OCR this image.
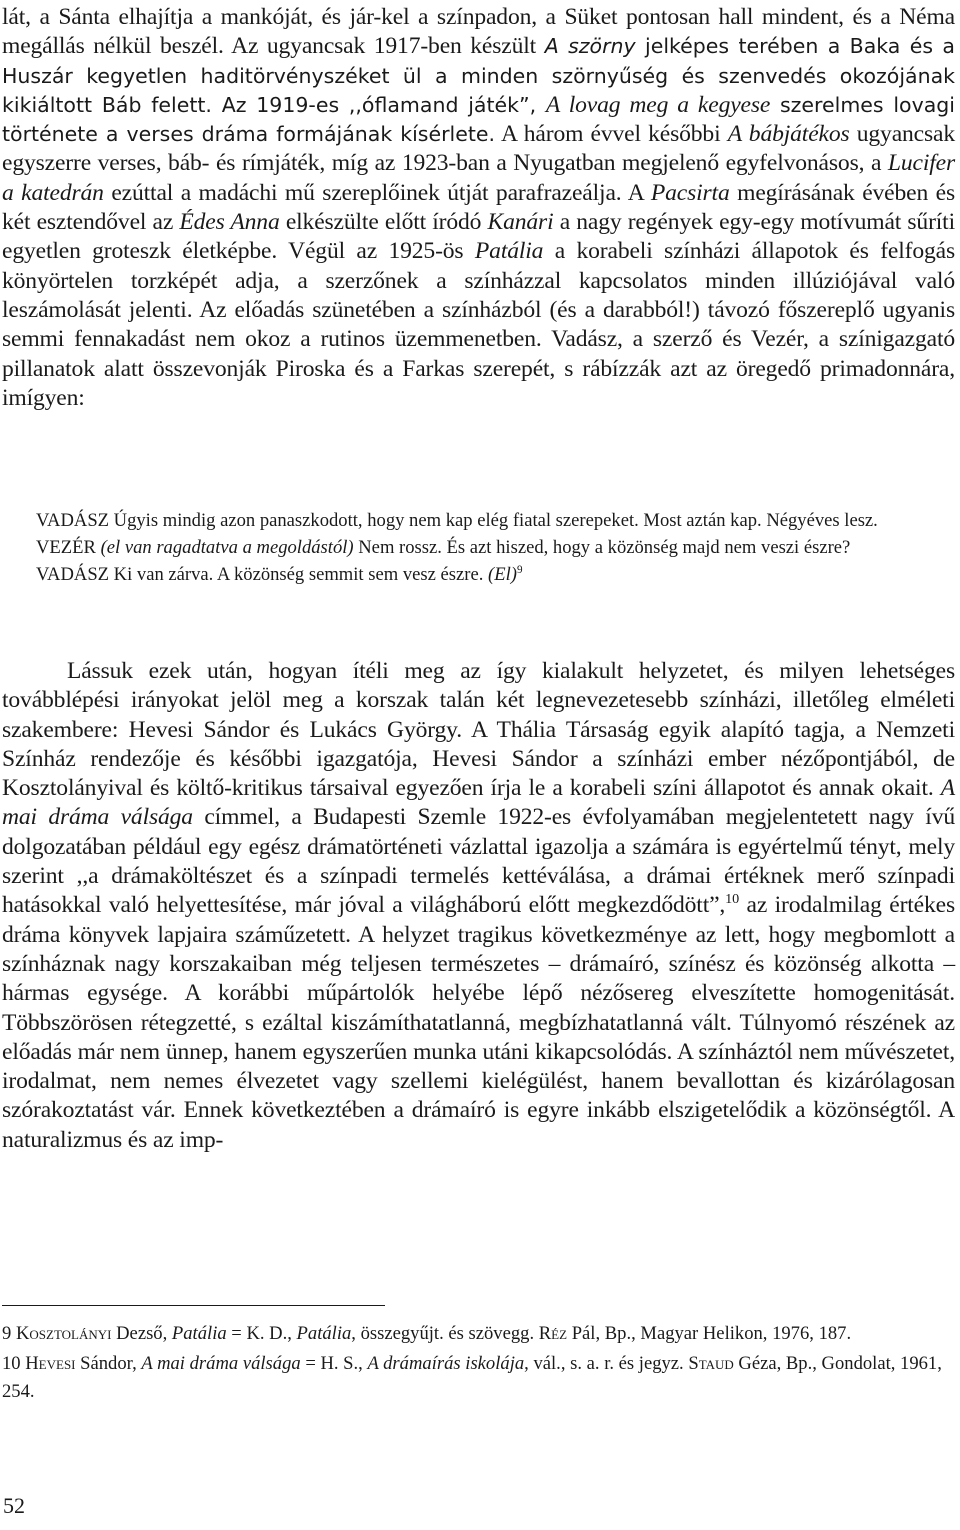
lát, a Sánta elhajítja a mankóját, és jár-kel a színpadon, a Süket pontosan hall mindent, és a Néma megállás nélkül beszél. Az ugyancsak 1917-ben készült A szörny jelképes terében a Baka és a Huszár kegyetlen haditörvényszéket ül a minden szörnyűség és szenvedés okozójának kikiáltott Báb felett. Az 1919-es ,,óflamand játék”, A lovag meg a kegyese szerelmes lovagi története a verses dráma formájának kísérlete. A három évvel későbbi A bábjátékos ugyancsak egyszerre verses, báb- és rímjáték, míg az 1923-ban a Nyugatban megjelenő egyfelvonásos, a Lucifer a katedrán ezúttal a madáchi mű szereplőinek útját parafrazeálja. A Pacsirta megírásának évében és két esztendővel az Édes Anna elkészülte előtt íródó Kanári a nagy regények egy-egy motívumát sűríti egyetlen groteszk életképbe. Végül az 1925-ös Patália a korabeli színházi állapotok és felfogás könyörtelen torzképét adja, a szerzőnek a színházzal kapcsolatos minden illúziójával való leszámolását jelenti. Az előadás szünetében a színházból (és a darabból!) távozó főszereplő ugyanis semmi fennakadást nem okoz a rutinos üzemmenetben. Vadász, a szerző és Vezér, a színigazgató pillanatok alatt összevonják Piroska és a Farkas szerepét, s rábízzák azt az öregedő primadonnára, imígyen:

VADÁSZ Úgyis mindig azon panaszkodott, hogy nem kap elég fiatal szerepeket. Most aztán kap. Négyéves lesz.
VEZÉR (el van ragadtatva a megoldástól) Nem rossz. És azt hiszed, hogy a közönség majd nem veszi észre?
VADÁSZ Ki van zárva. A közönség semmit sem vesz észre. $(El)^9$

Lássuk ezek után, hogyan ítéli meg az így kialakult helyzetet, és milyen lehetséges továbblépési irányokat jelöl meg a korszak talán két legnevezetesebb színházi, illetőleg elméleti szakembere: Hevesi Sándor és Lukács György. A Thália Társaság egyik alapító tagja, a Nemzeti Színház rendezője és későbbi igazgatója, Hevesi Sándor a színházi ember nézőpontjából, de Kosztolányival és költő-kritikus társaival egyezően írja le a korabeli színi állapotot és annak okait. A mai dráma válsága címmel, a Budapesti Szemle 1922-es évfolyamában megjelentetett nagy ívű dolgozatában például egy egész drámatörténeti vázlattal igazolja a számára is egyértelmű tényt, mely szerint ,,a drámaköltészet és a színpadi termelés kettéválása, a drámai értéknek merő színpadi hatásokkal való helyettesítése, már jóval a világháború előtt megkezdődött”,$^{10}$ az irodalmilag értékes dráma könyvek lapjaira száműzetett. A helyzet tragikus következménye az lett, hogy megbomlott a színháznak nagy korszakaiban még teljesen természetes – drámaíró, színész és közönség alkotta – hármas egysége. A korábbi műpártolók helyébe lépő nézősereg elveszítette homogenitását. Többszörösen rétegzetté, s ezáltal kiszámíthatatlanná, megbízhatatlanná vált. Túlnyomó részének az előadás már nem ünnep, hanem egyszerűen munka utáni kikapcsolódás. A színháztól nem művészetet, irodalmat, nem nemes élvezetet vagy szellemi kielégülést, hanem bevallottan és kizárólagosan szórakoztatást vár. Ennek következtében a drámaíró is egyre inkább elszigetelődik a közönségtől. A naturalizmus és az imp-

9 Kosztolányi Dezső, Patália = K. D., Patália, összegyűjt. és szövegg. Réz Pál, Bp., Magyar Helikon, 1976, 187.

10 Hevesi Sándor, A mai dráma válsága = H. S., A drámaírás iskolája, vál., s. a. r. és jegyz. Staud Géza, Bp., Gondolat, 1961, 254.

52
